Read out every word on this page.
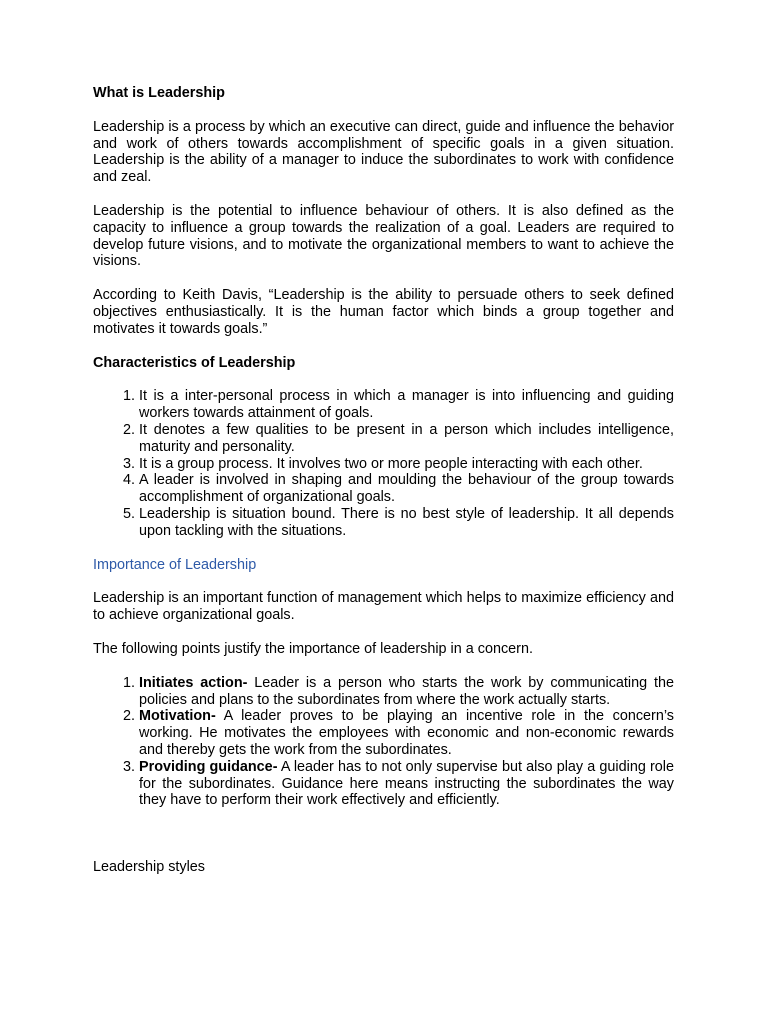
What is Leadership

Leadership is a process by which an executive can direct, guide and influence the behavior and work of others towards accomplishment of specific goals in a given situation. Leadership is the ability of a manager to induce the subordinates to work with confidence and zeal.

Leadership is the potential to influence behaviour of others. It is also defined as the capacity to influence a group towards the realization of a goal. Leaders are required to develop future visions, and to motivate the organizational members to want to achieve the visions.

According to Keith Davis, “Leadership is the ability to persuade others to seek defined objectives enthusiastically. It is the human factor which binds a group together and motivates it towards goals.”

Characteristics of Leadership

1. It is a inter-personal process in which a manager is into influencing and guiding workers towards attainment of goals.
2. It denotes a few qualities to be present in a person which includes intelligence, maturity and personality.
3. It is a group process. It involves two or more people interacting with each other.
4. A leader is involved in shaping and moulding the behaviour of the group towards accomplishment of organizational goals.
5. Leadership is situation bound. There is no best style of leadership. It all depends upon tackling with the situations.

Importance of Leadership

Leadership is an important function of management which helps to maximize efficiency and to achieve organizational goals.

The following points justify the importance of leadership in a concern.

1. Initiates action- Leader is a person who starts the work by communicating the policies and plans to the subordinates from where the work actually starts.
2. Motivation- A leader proves to be playing an incentive role in the concern’s working. He motivates the employees with economic and non-economic rewards and thereby gets the work from the subordinates.
3. Providing guidance- A leader has to not only supervise but also play a guiding role for the subordinates. Guidance here means instructing the subordinates the way they have to perform their work effectively and efficiently.

Leadership styles
